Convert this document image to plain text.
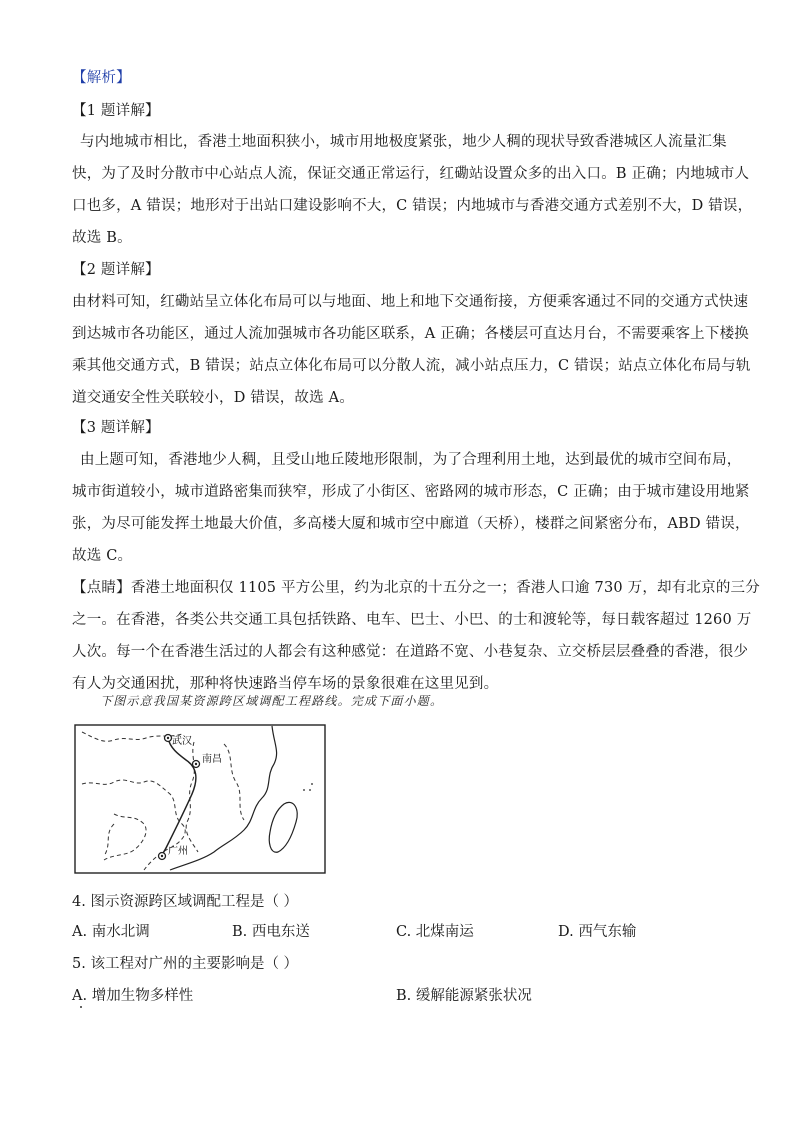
【解析】
【1 题详解】
与内地城市相比，香港土地面积狭小，城市用地极度紧张，地少人稠的现状导致香港城区人流量汇集
快，为了及时分散市中心站点人流，保证交通正常运行，红磡站设置众多的出入口。B 正确；内地城市人
口也多，A 错误；地形对于出站口建设影响不大，C 错误；内地城市与香港交通方式差别不大，D 错误，
故选 B。
【2 题详解】
由材料可知，红磡站呈立体化布局可以与地面、地上和地下交通衔接，方便乘客通过不同的交通方式快速
到达城市各功能区，通过人流加强城市各功能区联系，A 正确；各楼层可直达月台，不需要乘客上下楼换
乘其他交通方式，B 错误；站点立体化布局可以分散人流，减小站点压力，C 错误；站点立体化布局与轨
道交通安全性关联较小，D 错误，故选 A。
【3 题详解】
由上题可知，香港地少人稠，且受山地丘陵地形限制，为了合理利用土地，达到最优的城市空间布局，
城市街道较小，城市道路密集而狭窄，形成了小街区、密路网的城市形态，C 正确；由于城市建设用地紧
张，为尽可能发挥土地最大价值，多高楼大厦和城市空中廊道（天桥），楼群之间紧密分布，ABD 错误，
故选 C。
【点睛】香港土地面积仅 1105 平方公里，约为北京的十五分之一；香港人口逾 730 万，却有北京的三分
之一。在香港，各类公共交通工具包括铁路、电车、巴士、小巴、的士和渡轮等，每日载客超过 1260 万
人次。每一个在香港生活过的人都会有这种感觉：在道路不宽、小巷复杂、立交桥层层叠叠的香港，很少
有人为交通困扰，那种将快速路当停车场的景象很难在这里见到。
下图示意我国某资源跨区域调配工程路线。完成下面小题。
武汉
南昌
广州
4. 图示资源跨区域调配工程是（ ）
A. 南水北调	B. 西电东送	C. 北煤南运	D. 西气东输
5. 该工程对广州的主要影响是（ ）
A. 增加生物多样性	B. 缓解能源紧张状况
